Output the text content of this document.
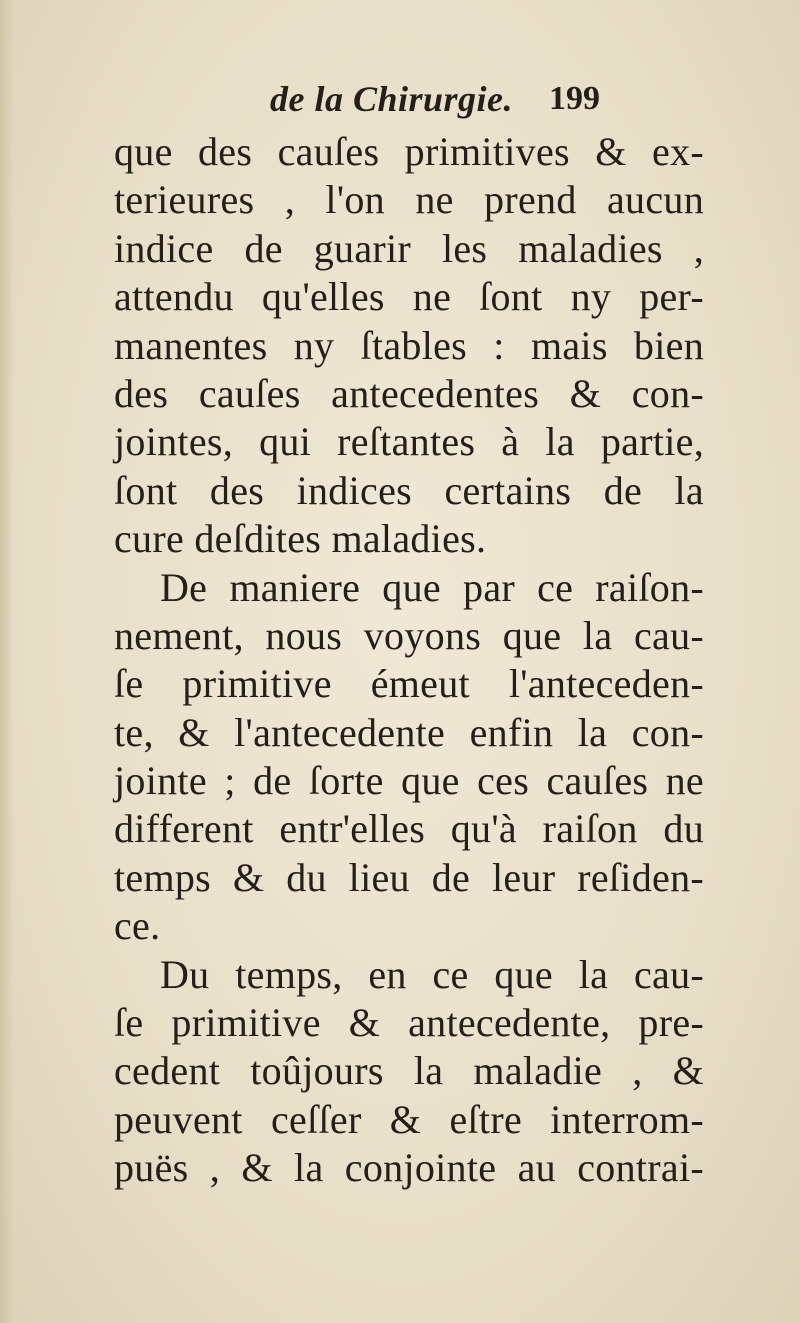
de la Chirurgie. 199
que des cauſes primitives & ex-
terieures , l'on ne prend aucun
indice de guarir les maladies ,
attendu qu'elles ne ſont ny per-
manentes ny ſtables : mais bien
des cauſes antecedentes & con-
jointes, qui reſtantes à la partie,
ſont des indices certains de la
cure deſdites maladies.
De maniere que par ce raiſon-
nement, nous voyons que la cau-
ſe primitive émeut l'anteceden-
te, & l'antecedente enfin la con-
jointe ; de ſorte que ces cauſes ne
different entr'elles qu'à raiſon du
temps & du lieu de leur reſiden-
ce.
Du temps, en ce que la cau-
ſe primitive & antecedente, pre-
cedent toûjours la maladie , &
peuvent ceſſer & eſtre interrom-
puës , & la conjointe au contrai-
